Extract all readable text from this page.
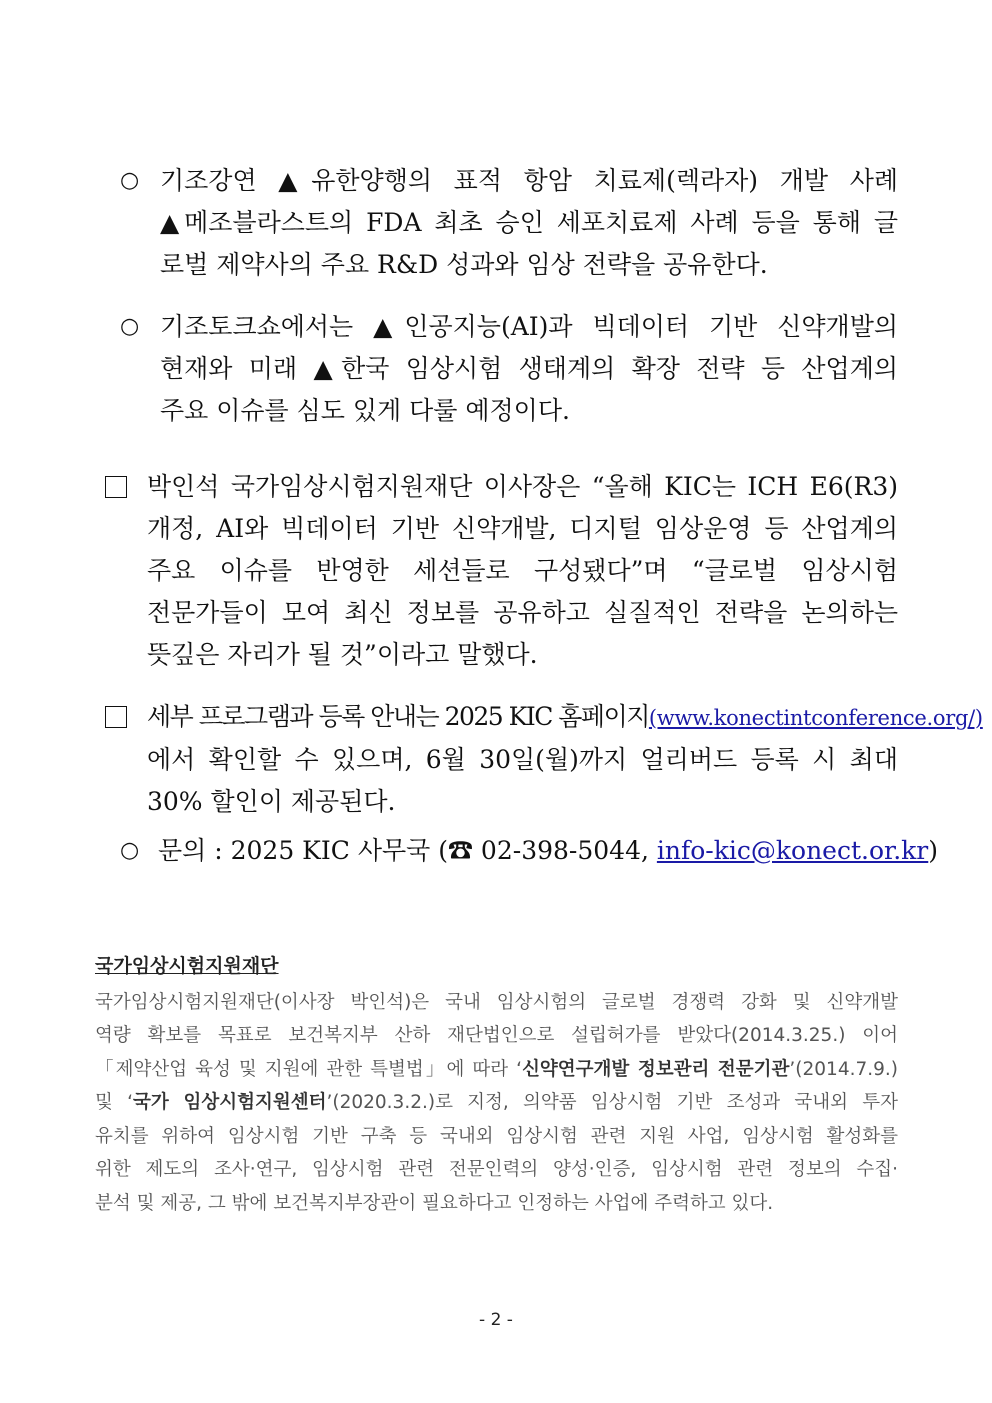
○ 기조강연 ▲유한양행의 표적 항암 치료제(렉라자) 개발 사례
▲메조블라스트의 FDA 최초 승인 세포치료제 사례 등을 통해 글
로벌 제약사의 주요 R&D 성과와 임상 전략을 공유한다.
○ 기조토크쇼에서는 ▲인공지능(AI)과 빅데이터 기반 신약개발의
현재와 미래 ▲한국 임상시험 생태계의 확장 전략 등 산업계의
주요 이슈를 심도 있게 다룰 예정이다.
박인석 국가임상시험지원재단 이사장은 “올해 KIC는 ICH E6(R3)
개정, AI와 빅데이터 기반 신약개발, 디지털 임상운영 등 산업계의
주요 이슈를 반영한 세션들로 구성됐다”며 “글로벌 임상시험
전문가들이 모여 최신 정보를 공유하고 실질적인 전략을 논의하는
뜻깊은 자리가 될 것”이라고 말했다.
세부 프로그램과 등록 안내는 2025 KIC 홈페이지(www.konectintconference.org/)
에서 확인할 수 있으며, 6월 30일(월)까지 얼리버드 등록 시 최대
30% 할인이 제공된다.
○ 문의 : 2025 KIC 사무국 (☎ 02-398-5044, info-kic@konect.or.kr)
국가임상시험지원재단
국가임상시험지원재단(이사장 박인석)은 국내 임상시험의 글로벌 경쟁력 강화 및 신약개발
역량 확보를 목표로 보건복지부 산하 재단법인으로 설립허가를 받았다(2014.3.25.) 이어
「제약산업 육성 및 지원에 관한 특별법」에 따라 ‘신약연구개발 정보관리 전문기관’(2014.7.9.)
및 ‘국가 임상시험지원센터’(2020.3.2.)로 지정, 의약품 임상시험 기반 조성과 국내외 투자
유치를 위하여 임상시험 기반 구축 등 국내외 임상시험 관련 지원 사업, 임상시험 활성화를
위한 제도의 조사·연구, 임상시험 관련 전문인력의 양성·인증, 임상시험 관련 정보의 수집·
분석 및 제공, 그 밖에 보건복지부장관이 필요하다고 인정하는 사업에 주력하고 있다.
- 2 -
